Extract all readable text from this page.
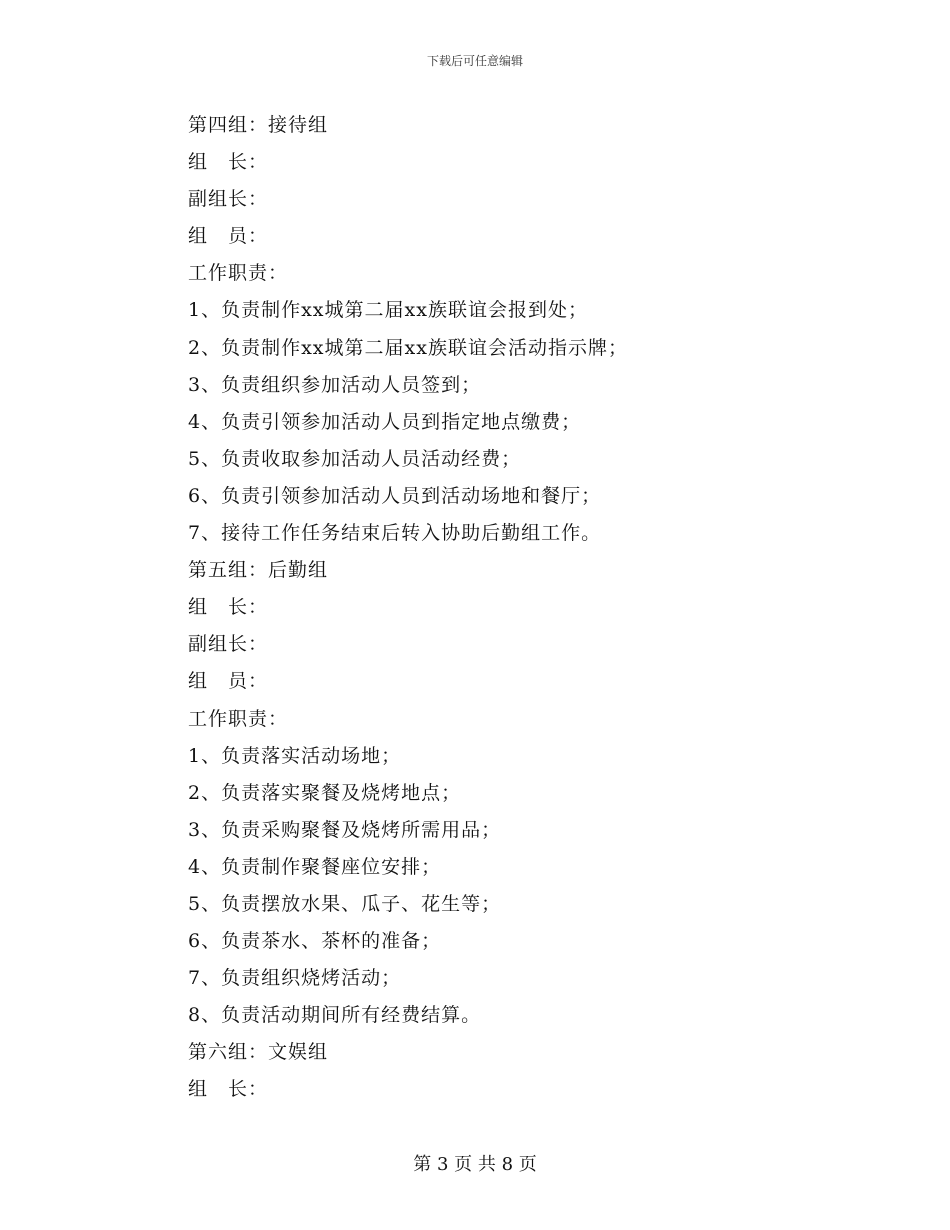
下载后可任意编辑
第四组：接待组
组　长：
副组长：
组　员：
工作职责：
1、负责制作xx城第二届xx族联谊会报到处；
2、负责制作xx城第二届xx族联谊会活动指示牌；
3、负责组织参加活动人员签到；
4、负责引领参加活动人员到指定地点缴费；
5、负责收取参加活动人员活动经费；
6、负责引领参加活动人员到活动场地和餐厅；
7、接待工作任务结束后转入协助后勤组工作。
第五组：后勤组
组　长：
副组长：
组　员：
工作职责：
1、负责落实活动场地；
2、负责落实聚餐及烧烤地点；
3、负责采购聚餐及烧烤所需用品；
4、负责制作聚餐座位安排；
5、负责摆放水果、瓜子、花生等；
6、负责茶水、茶杯的准备；
7、负责组织烧烤活动；
8、负责活动期间所有经费结算。
第六组：文娱组
组　长：
第 3 页 共 8 页
